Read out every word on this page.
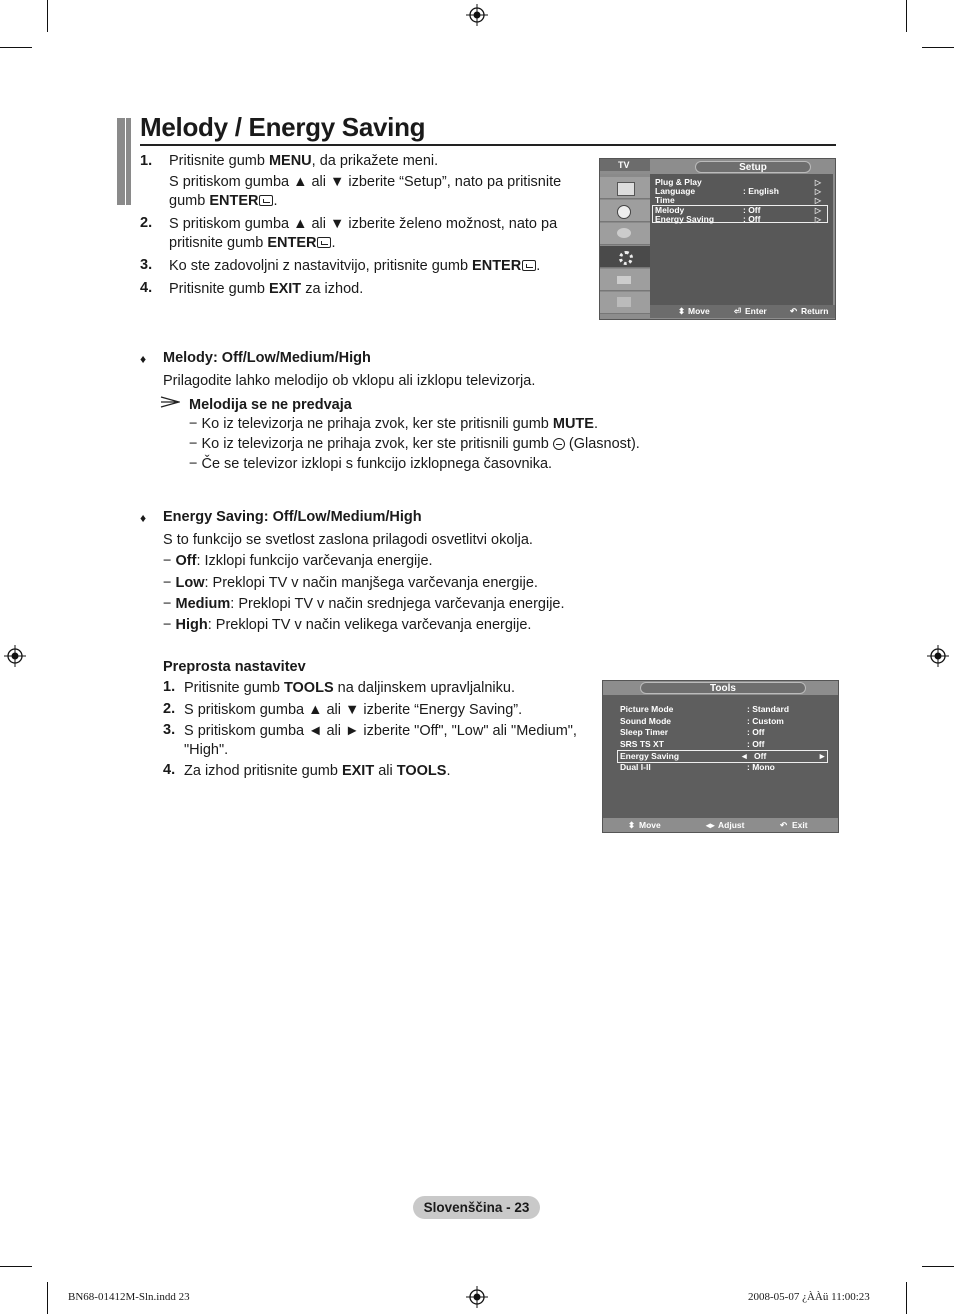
Melody / Energy Saving
1. Pritisnite gumb MENU, da prikažete meni.
S pritiskom gumba ▲ ali ▼ izberite “Setup”, nato pa pritisnite
gumb ENTER .
2. S pritiskom gumba ▲ ali ▼ izberite želeno možnost, nato pa
pritisnite gumb ENTER .
3. Ko ste zadovoljni z nastavitvijo, pritisnite gumb ENTER .
4. Pritisnite gumb EXIT za izhod.
TV	Setup
Plug & Play	▷
Language	: English	▷
Time	▷
Melody	: Off	▷
Energy Saving	: Off	▷
⬍ Move	⏎ Enter	↶ Return
♦ Melody: Off/Low/Medium/High
Prilagodite lahko melodijo ob vklopu ali izklopu televizorja.
Melodija se ne predvaja
− Ko iz televizorja ne prihaja zvok, ker ste pritisnili gumb MUTE.
− Ko iz televizorja ne prihaja zvok, ker ste pritisnili gumb  (Glasnost).
− Če se televizor izklopi s funkcijo izklopnega časovnika.
♦ Energy Saving: Off/Low/Medium/High
S to funkcijo se svetlost zaslona prilagodi osvetlitvi okolja.
− Off: Izklopi funkcijo varčevanja energije.
− Low: Preklopi TV v način manjšega varčevanja energije.
− Medium: Preklopi TV v način srednjega varčevanja energije.
− High: Preklopi TV v način velikega varčevanja energije.
Preprosta nastavitev
1. Pritisnite gumb TOOLS na daljinskem upravljalniku.
2. S pritiskom gumba ▲ ali ▼ izberite “Energy Saving”.
3. S pritiskom gumba ◄ ali ► izberite "Off", "Low" ali "Medium",
"High".
4. Za izhod pritisnite gumb EXIT ali TOOLS.
Tools
Picture Mode	: Standard
Sound Mode	: Custom
Sleep Timer	: Off
SRS TS XT	: Off
Energy Saving	◄ Off	►
Dual I-II	: Mono
⬍ Move	◂▸ Adjust	↶ Exit
Slovenščina - 23
BN68-01412M-Sln.indd 23	2008-05-07 ¿ÀÀü 11:00:23
